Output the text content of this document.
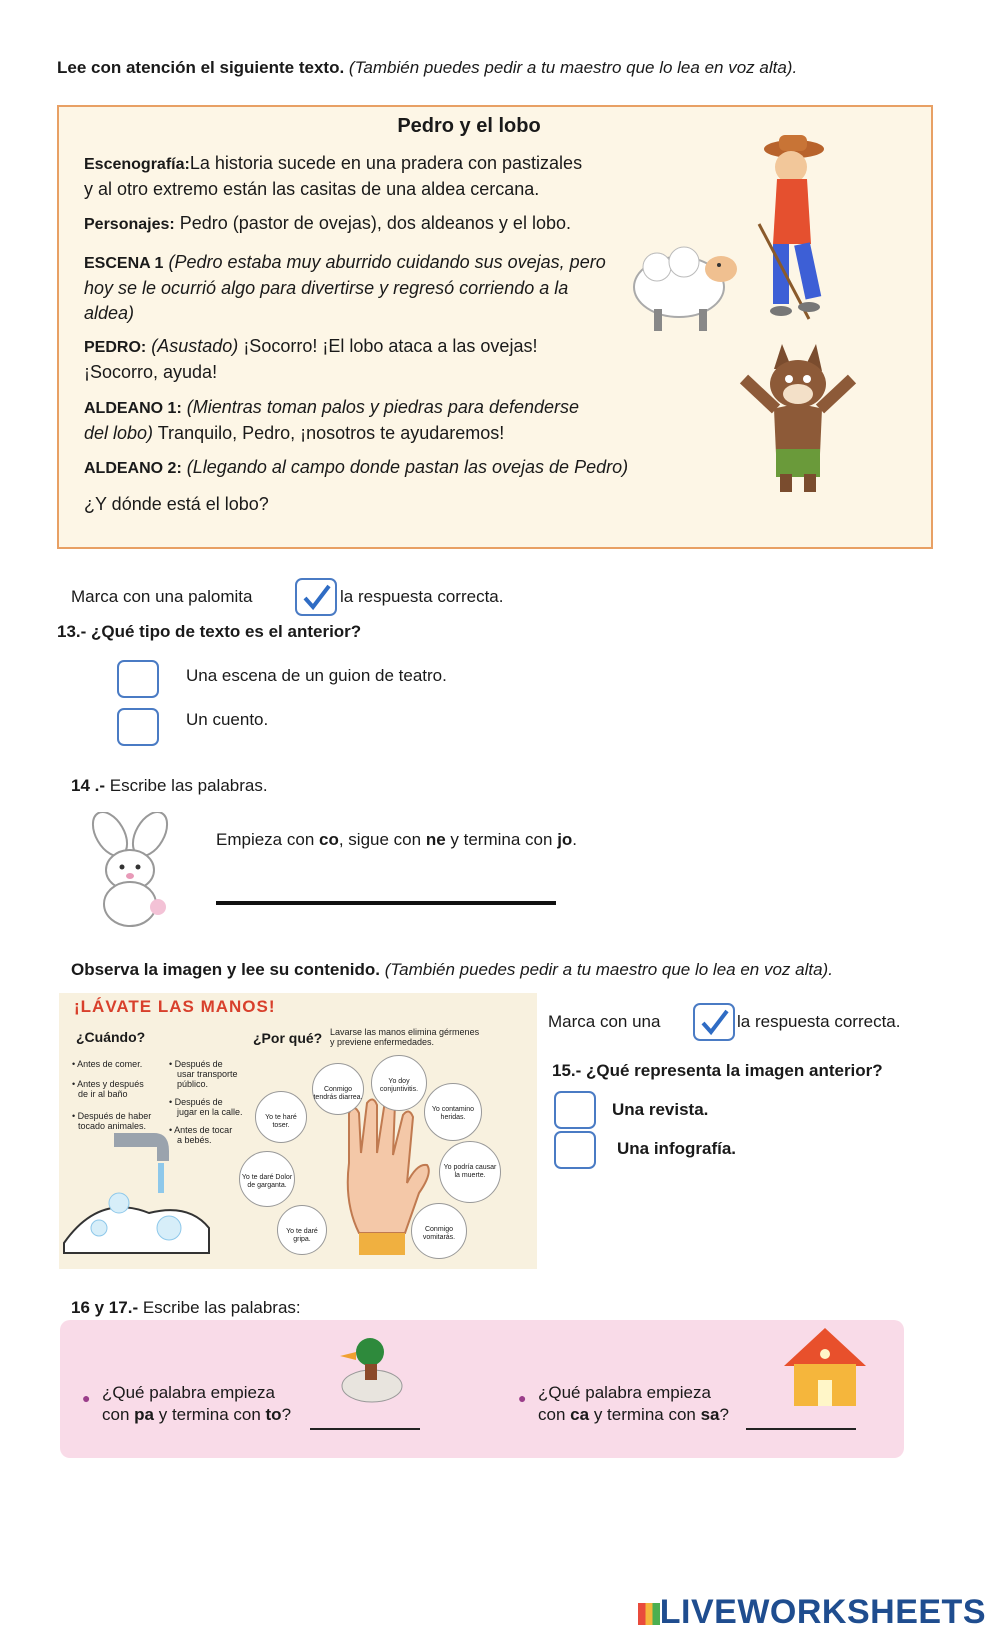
Lee con atención el siguiente texto. (También puedes pedir a tu maestro que lo lea en voz alta).
Pedro y el lobo
Escenografía:La historia sucede en una pradera con pastizales
y al otro extremo están las casitas de una aldea cercana.
Personajes: Pedro (pastor de ovejas), dos aldeanos y el lobo.
ESCENA 1 (Pedro estaba muy aburrido cuidando sus ovejas, pero
hoy se le ocurrió algo para divertirse y regresó corriendo a la
aldea)
PEDRO: (Asustado) ¡Socorro! ¡El lobo ataca a las ovejas!
¡Socorro, ayuda!
ALDEANO 1: (Mientras toman palos y piedras para defenderse
del lobo) Tranquilo, Pedro, ¡nosotros te ayudaremos!
ALDEANO 2: (Llegando al campo donde pastan las ovejas de Pedro)
¿Y dónde está el lobo?
Marca con una palomita	la respuesta correcta.
13.- ¿Qué tipo de texto es el anterior?
Una escena de un guion de teatro.
Un cuento.
14 .- Escribe las palabras.
Empieza con co, sigue con ne y termina con jo.
Observa la imagen y lee su contenido. (También puedes pedir a tu maestro que lo lea en voz alta).
¡LÁVATE LAS MANOS!
¿Cuándo?	¿Por qué? Lavarse las manos elimina gérmenes
y previene enfermedades.
• Antes de comer.
• Antes y después
de ir al baño
• Después de haber
tocado animales.
• Después de
usar transporte
público.
• Después de
jugar en la calle.
• Antes de tocar
a bebés.
Conmigo tendrás diarrea.
Yo doy conjuntivitis.
Yo contamino heridas.
Yo te haré toser.
Yo podría causar la muerte.
Yo te daré Dolor de garganta.
Yo te daré gripa.
Conmigo vomitarás.
Marca con una	la respuesta correcta.
15.- ¿Qué representa la imagen anterior?
Una revista.
Una infografía.
16 y 17.- Escribe las palabras:
● ¿Qué palabra empieza
con pa y termina con to?
● ¿Qué palabra empieza
con ca y termina con sa?
LIVEWORKSHEETS
